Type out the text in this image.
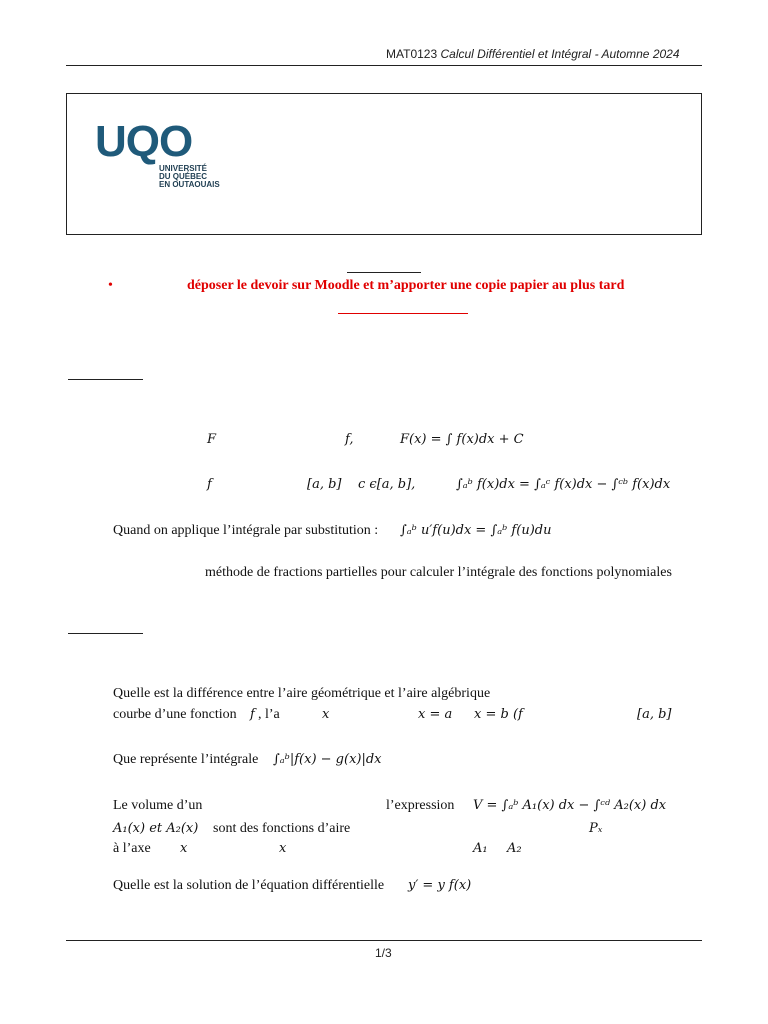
MAT0123 Calcul Différentiel et Intégral - Automne 2024
UQO
UNIVERSITÉ
DU QUÉBEC
EN OUTAOUAIS
•	déposer le devoir sur Moodle et m’apporter une copie papier au plus tard
F	f,	F(x) = ∫ f(x)dx + C
f	[a, b] c ϵ[a, b],	∫ₐᵇ f(x)dx = ∫ₐᶜ f(x)dx − ∫ᶜᵇ f(x)dx
Quand on applique l’intégrale par substitution : ∫ₐᵇ u′f(u)dx = ∫ₐᵇ f(u)du
méthode de fractions partielles pour calculer l’intégrale des fonctions polynomiales
Quelle est la différence entre l’aire géométrique et l’aire algébrique
courbe d’une fonction f , l’a	x	x = a x = b (f	[a, b]
Que représente l’intégrale ∫ₐᵇ|f(x) − g(x)|dx
Le volume d’un	l’expression V = ∫ₐᵇ A₁(x) dx − ∫ᶜᵈ A₂(x) dx
A₁(x) et A₂(x) sont des fonctions d’aire	Pₓ
à l’axe x	x	A₁ A₂
Quelle est la solution de l’équation différentielle y′ = y f(x)
1/3
